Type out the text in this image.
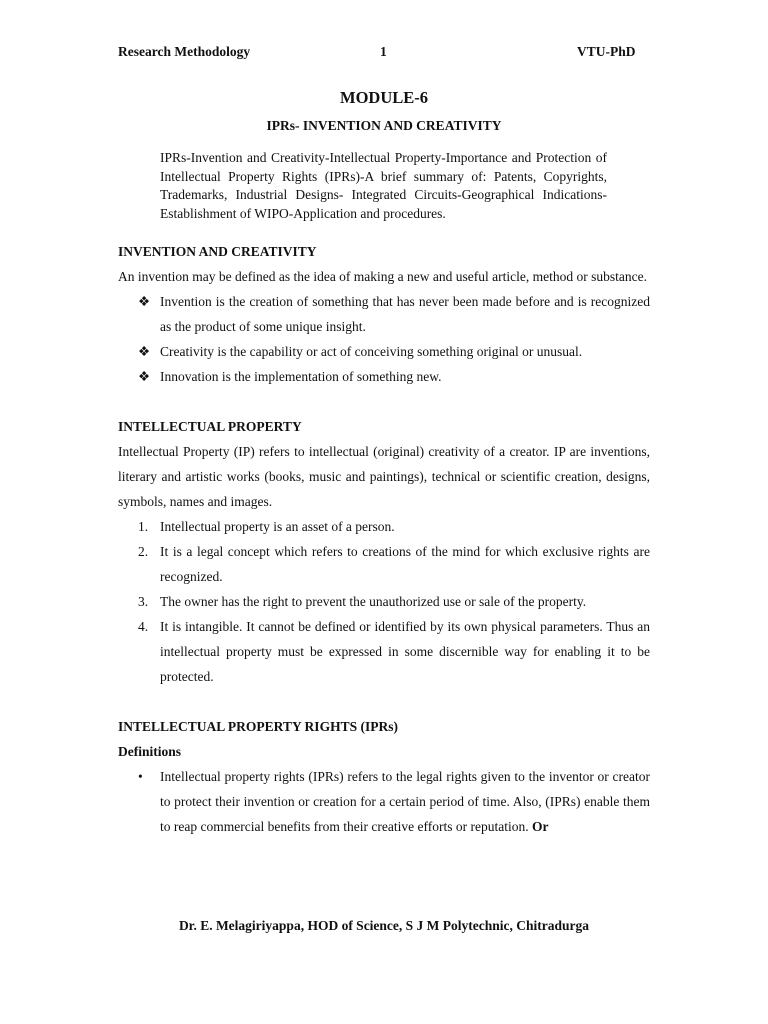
Research Methodology	1	VTU-PhD
MODULE-6
IPRs- INVENTION AND CREATIVITY
IPRs-Invention and Creativity-Intellectual Property-Importance and Protection of Intellectual Property Rights (IPRs)-A brief summary of: Patents, Copyrights, Trademarks, Industrial Designs- Integrated Circuits-Geographical Indications-Establishment of WIPO-Application and procedures.

INVENTION AND CREATIVITY

An invention may be defined as the idea of making a new and useful article, method or substance.

❖ Invention is the creation of something that has never been made before and is recognized as the product of some unique insight.
❖ Creativity is the capability or act of conceiving something original or unusual.
❖ Innovation is the implementation of something new.

INTELLECTUAL PROPERTY

Intellectual Property (IP) refers to intellectual (original) creativity of a creator. IP are inventions, literary and artistic works (books, music and paintings), technical or scientific creation, designs, symbols, names and images.

1. Intellectual property is an asset of a person.
2. It is a legal concept which refers to creations of the mind for which exclusive rights are recognized.
3. The owner has the right to prevent the unauthorized use or sale of the property.
4. It is intangible. It cannot be defined or identified by its own physical parameters. Thus an intellectual property must be expressed in some discernible way for enabling it to be protected.

INTELLECTUAL PROPERTY RIGHTS (IPRs)

Definitions

• Intellectual property rights (IPRs) refers to the legal rights given to the inventor or creator to protect their invention or creation for a certain period of time. Also, (IPRs) enable them to reap commercial benefits from their creative efforts or reputation. Or
Dr. E. Melagiriyappa, HOD of Science, S J M Polytechnic, Chitradurga
